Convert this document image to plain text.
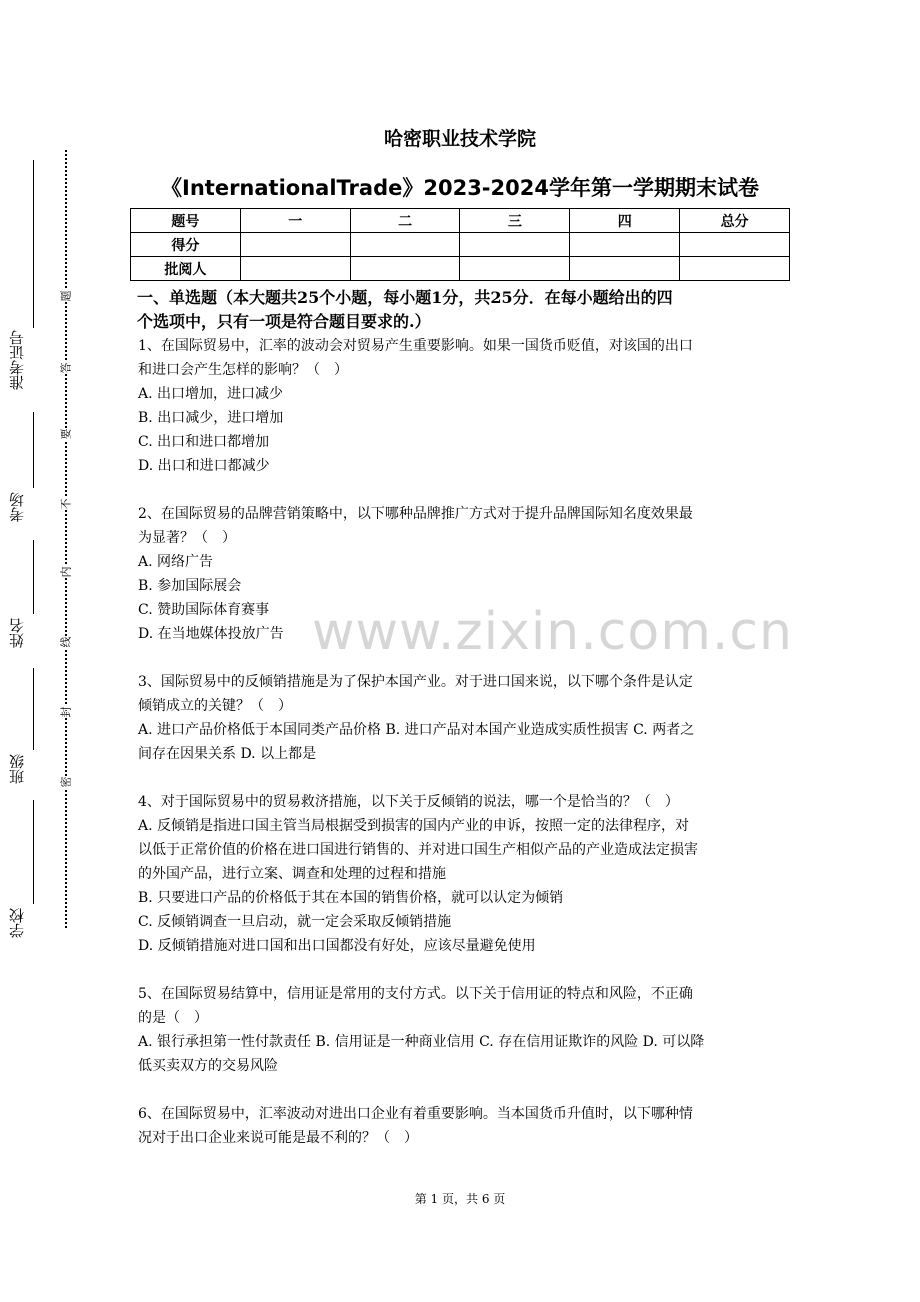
准考证号
考场
姓名
班级
学校
题
答
要
不
内
线
封
密
哈密职业技术学院
《InternationalTrade》2023-2024学年第一学期期末试卷
题号	一	二	三	四	总分
得分					
批阅人					
一、单选题（本大题共25个小题，每小题1分，共25分．在每小题给出的四
个选项中，只有一项是符合题目要求的.）

1、在国际贸易中，汇率的波动会对贸易产生重要影响。如果一国货币贬值，对该国的出口

和进口会产生怎样的影响？（　）

A. 出口增加，进口减少

B. 出口减少，进口增加

C. 出口和进口都增加

D. 出口和进口都减少

2、在国际贸易的品牌营销策略中，以下哪种品牌推广方式对于提升品牌国际知名度效果最

为显著？（　）

A. 网络广告

B. 参加国际展会

C. 赞助国际体育赛事

D. 在当地媒体投放广告

3、国际贸易中的反倾销措施是为了保护本国产业。对于进口国来说，以下哪个条件是认定

倾销成立的关键？（　）

A. 进口产品价格低于本国同类产品价格 B. 进口产品对本国产业造成实质性损害 C. 两者之

间存在因果关系 D. 以上都是

4、对于国际贸易中的贸易救济措施，以下关于反倾销的说法，哪一个是恰当的？（　）

A. 反倾销是指进口国主管当局根据受到损害的国内产业的申诉，按照一定的法律程序，对

以低于正常价值的价格在进口国进行销售的、并对进口国生产相似产品的产业造成法定损害

的外国产品，进行立案、调查和处理的过程和措施

B. 只要进口产品的价格低于其在本国的销售价格，就可以认定为倾销

C. 反倾销调查一旦启动，就一定会采取反倾销措施

D. 反倾销措施对进口国和出口国都没有好处，应该尽量避免使用

5、在国际贸易结算中，信用证是常用的支付方式。以下关于信用证的特点和风险，不正确

的是（　）

A. 银行承担第一性付款责任 B. 信用证是一种商业信用 C. 存在信用证欺诈的风险 D. 可以降

低买卖双方的交易风险

6、在国际贸易中，汇率波动对进出口企业有着重要影响。当本国货币升值时，以下哪种情

况对于出口企业来说可能是最不利的？（　）

www.zixin.com.cn
第 1 页，共 6 页
